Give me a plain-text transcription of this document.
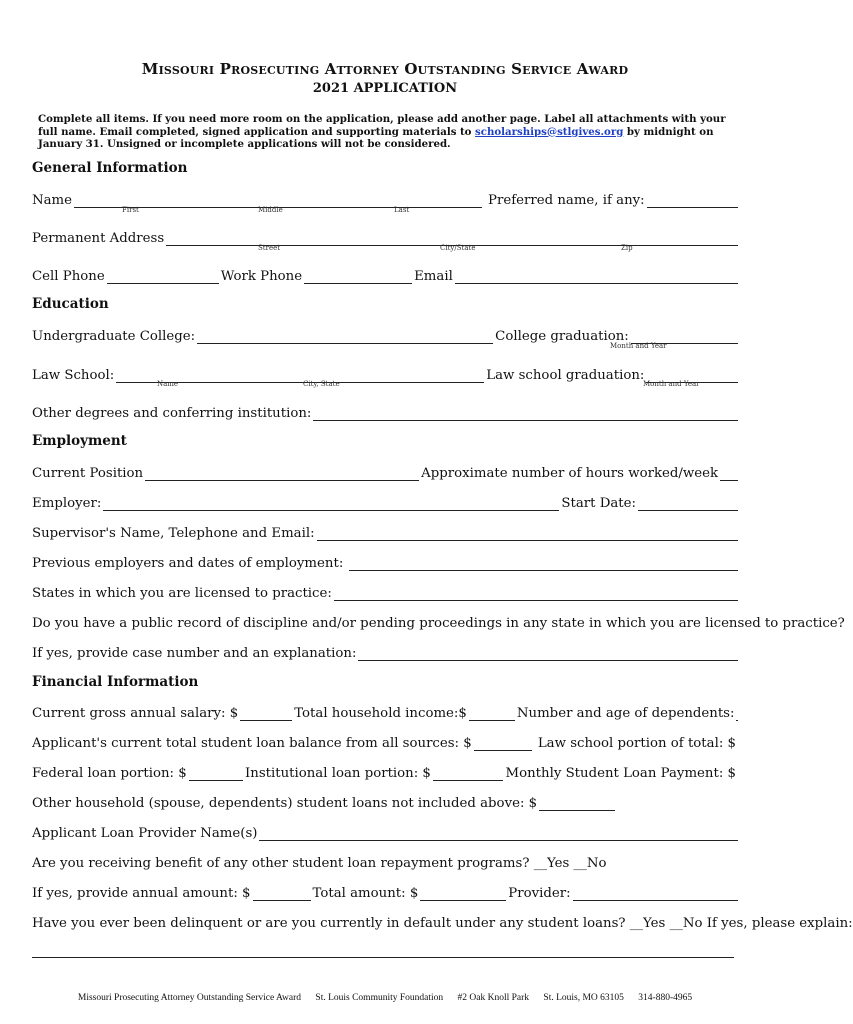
Missouri Prosecuting Attorney Outstanding Service Award
2021 APPLICATION
Complete all items. If you need more room on the application, please add another page. Label all attachments with your full name. Email completed, signed application and supporting materials to scholarships@stlgives.org by midnight on January 31. Unsigned or incomplete applications will not be considered.
General Information
Name	Preferred name, if any:
First	Middle	Last
Permanent Address
Street	City/State	Zip
Cell Phone	Work Phone	Email
Education
Undergraduate College:	College graduation:
Month and Year
Law School:	Law school graduation:
Name	City, State	Month and Year
Other degrees and conferring institution:
Employment
Current Position	Approximate number of hours worked/week
Employer:	Start Date:
Supervisor's Name, Telephone and Email:
Previous employers and dates of employment:
States in which you are licensed to practice:
Do you have a public record of discipline and/or pending proceedings in any state in which you are licensed to practice?
If yes, provide case number and an explanation:
Financial Information
Current gross annual salary: $	Total household income:$	Number and age of dependents:
Applicant's current total student loan balance from all sources: $	Law school portion of total: $
Federal loan portion: $	Institutional loan portion: $	Monthly Student Loan Payment: $
Other household (spouse, dependents) student loans not included above: $
Applicant Loan Provider Name(s)
Are you receiving benefit of any other student loan repayment programs? __Yes __No
If yes, provide annual amount: $	Total amount: $	Provider:
Have you ever been delinquent or are you currently in default under any student loans? __Yes __No If yes, please explain:
Missouri Prosecuting Attorney Outstanding Service Award St. Louis Community Foundation #2 Oak Knoll Park St. Louis, MO 63105 314-880-4965
